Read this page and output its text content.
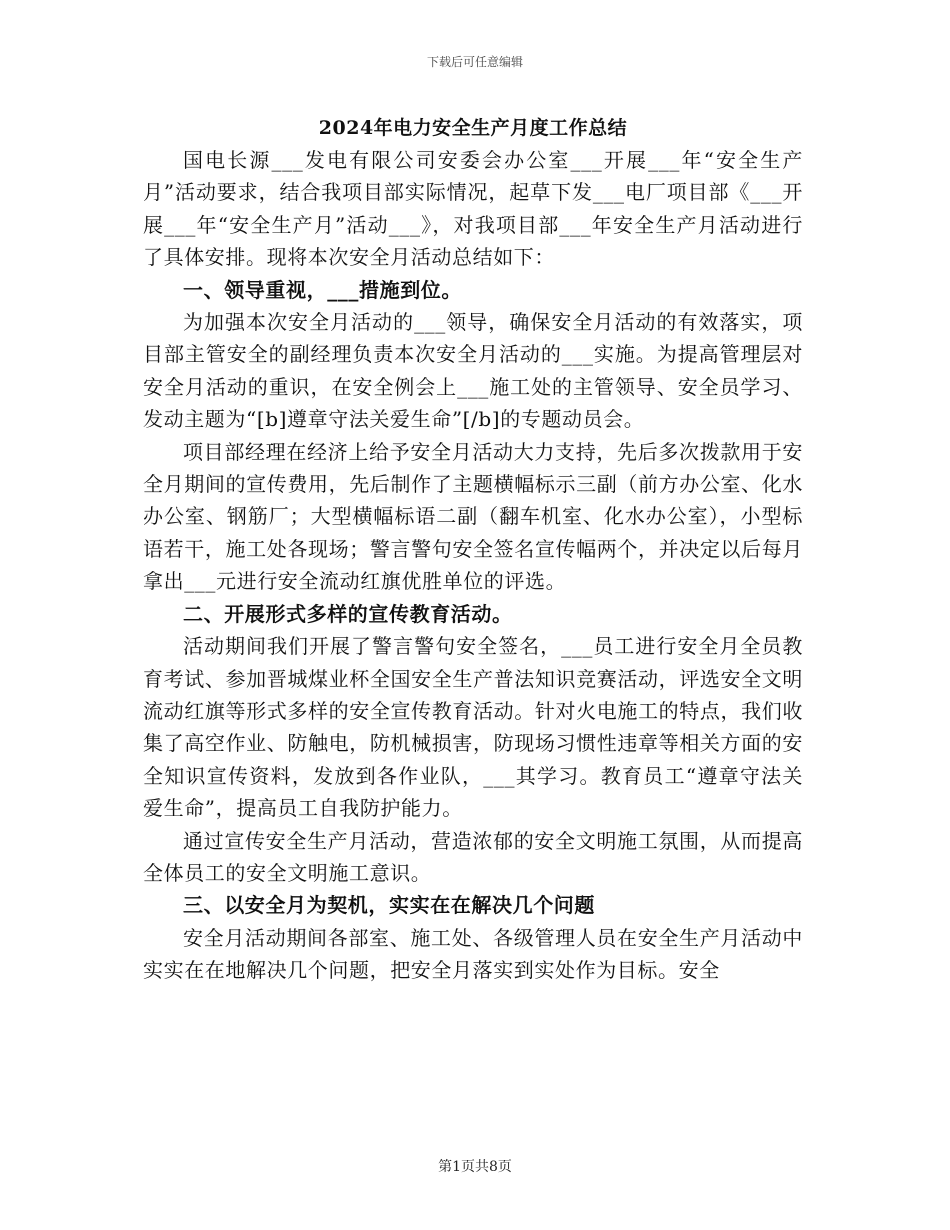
下载后可任意编辑
2024年电力安全生产月度工作总结

国电长源___发电有限公司安委会办公室___开展___年“安全生产月”活动要求，结合我项目部实际情况，起草下发___电厂项目部《___开展___年“安全生产月”活动___》，对我项目部___年安全生产月活动进行了具体安排。现将本次安全月活动总结如下：

一、领导重视，___措施到位。

为加强本次安全月活动的___领导，确保安全月活动的有效落实，项目部主管安全的副经理负责本次安全月活动的___实施。为提高管理层对安全月活动的重识，在安全例会上___施工处的主管领导、安全员学习、发动主题为“[b]遵章守法关爱生命”[/b]的专题动员会。

项目部经理在经济上给予安全月活动大力支持，先后多次拨款用于安全月期间的宣传费用，先后制作了主题横幅标示三副（前方办公室、化水办公室、钢筋厂；大型横幅标语二副（翻车机室、化水办公室），小型标语若干，施工处各现场；警言警句安全签名宣传幅两个，并决定以后每月拿出___元进行安全流动红旗优胜单位的评选。

二、开展形式多样的宣传教育活动。

活动期间我们开展了警言警句安全签名，___员工进行安全月全员教育考试、参加晋城煤业杯全国安全生产普法知识竞赛活动，评选安全文明流动红旗等形式多样的安全宣传教育活动。针对火电施工的特点，我们收集了高空作业、防触电，防机械损害，防现场习惯性违章等相关方面的安全知识宣传资料，发放到各作业队，___其学习。教育员工“遵章守法关爱生命”，提高员工自我防护能力。

通过宣传安全生产月活动，营造浓郁的安全文明施工氛围，从而提高全体员工的安全文明施工意识。

三、以安全月为契机，实实在在解决几个问题

安全月活动期间各部室、施工处、各级管理人员在安全生产月活动中实实在在地解决几个问题，把安全月落实到实处作为目标。安全

第1页共8页
